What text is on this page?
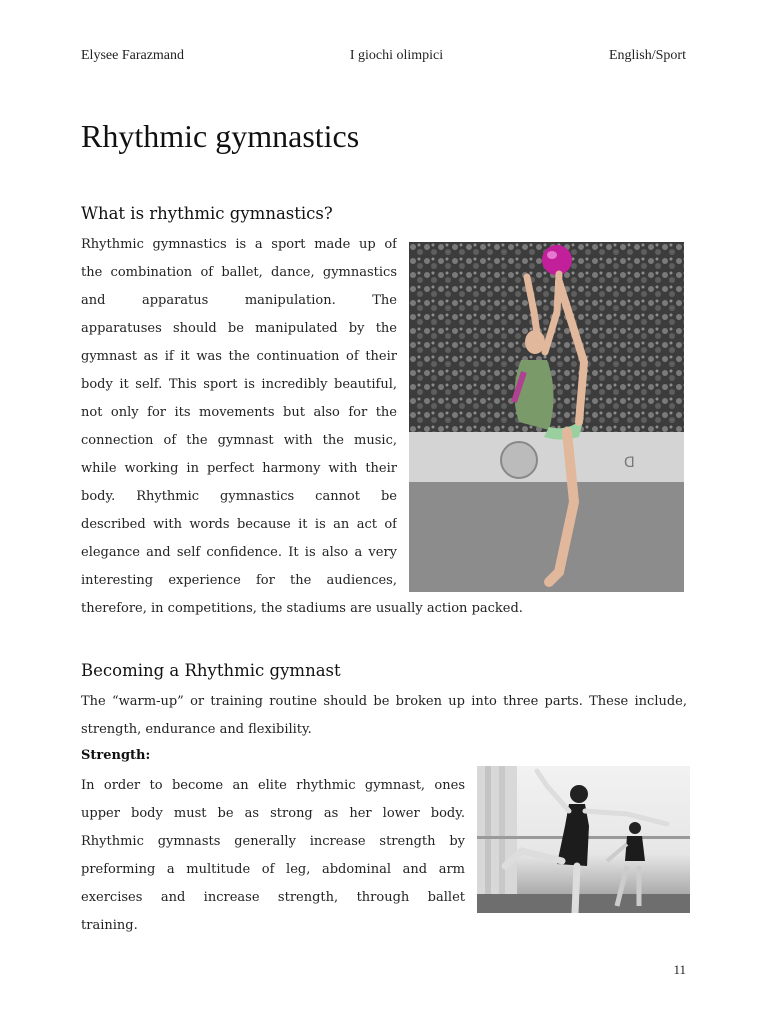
Elysee Farazmand	I giochi olimpici	English/Sport
Rhythmic gymnastics
What is rhythmic gymnastics?
Rhythmic gymnastics is a sport made up of
the combination of ballet, dance, gymnastics
and apparatus manipulation. The
apparatuses should be manipulated by the
gymnast as if it was the continuation of their
body it self. This sport is incredibly beautiful,
not only for its movements but also for the
connection of the gymnast with the music,
while working in perfect harmony with their
body. Rhythmic gymnastics cannot be
described with words because it is an act of
elegance and self confidence. It is also a very
interesting experience for the audiences,
therefore, in competitions, the stadiums are usually action packed.
ᗡ
Becoming a Rhythmic gymnast
The “warm-up” or training routine should be broken up into three parts. These include, strength, endurance and flexibility.
Strength:
In order to become an elite rhythmic gymnast, ones
upper body must be as strong as her lower body.
Rhythmic gymnasts generally increase strength by
preforming a multitude of leg, abdominal and arm
exercises and increase strength, through ballet
training.
11
